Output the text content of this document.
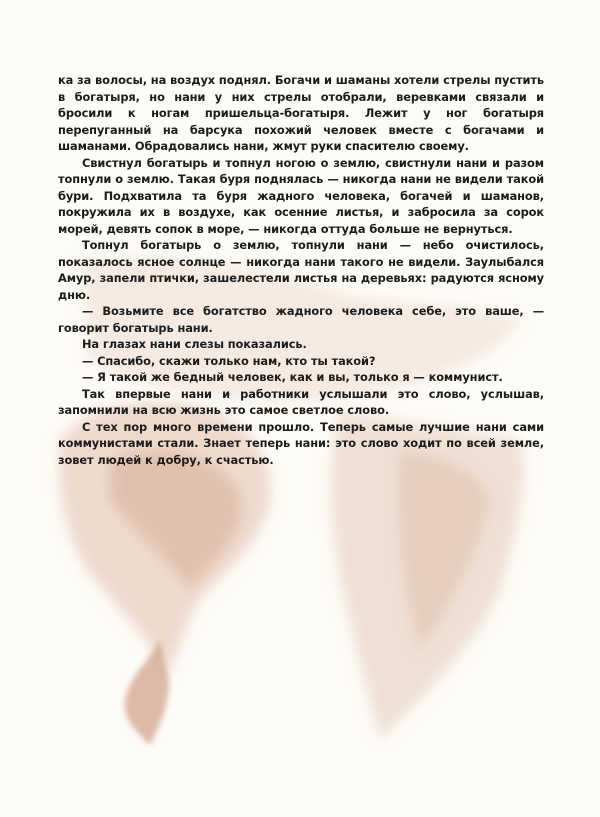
ка за волосы, на воздух поднял. Богачи и шаманы хотели стрелы пустить в богатыря, но нани у них стрелы отобрали, веревками связали и бросили к ногам пришельца-богатыря. Лежит у ног богатыря перепуганный на барсука похожий человек вместе с богачами и шаманами. Обрадовались нани, жмут руки спасителю своему.

Свистнул богатырь и топнул ногою о землю, свистнули нани и разом топнули о землю. Такая буря поднялась — никогда нани не видели такой бури. Подхватила та буря жадного человека, богачей и шаманов, покружила их в воздухе, как осенние листья, и забросила за сорок морей, девять сопок в море, — никогда оттуда больше не вернуться.

Топнул богатырь о землю, топнули нани — небо очистилось, показалось ясное солнце — никогда нани такого не видели. Заулыбался Амур, запели птички, зашелестели листья на деревьях: радуются ясному дню.

— Возьмите все богатство жадного человека себе, это ваше, — говорит богатырь нани.

На глазах нани слезы показались.

— Спасибо, скажи только нам, кто ты такой?

— Я такой же бедный человек, как и вы, только я — коммунист.

Так впервые нани и работники услышали это слово, услышав, запомнили на всю жизнь это самое светлое слово.

С тех пор много времени прошло. Теперь самые лучшие нани сами коммунистами стали. Знает теперь нани: это слово ходит по всей земле, зовет людей к добру, к счастью.
